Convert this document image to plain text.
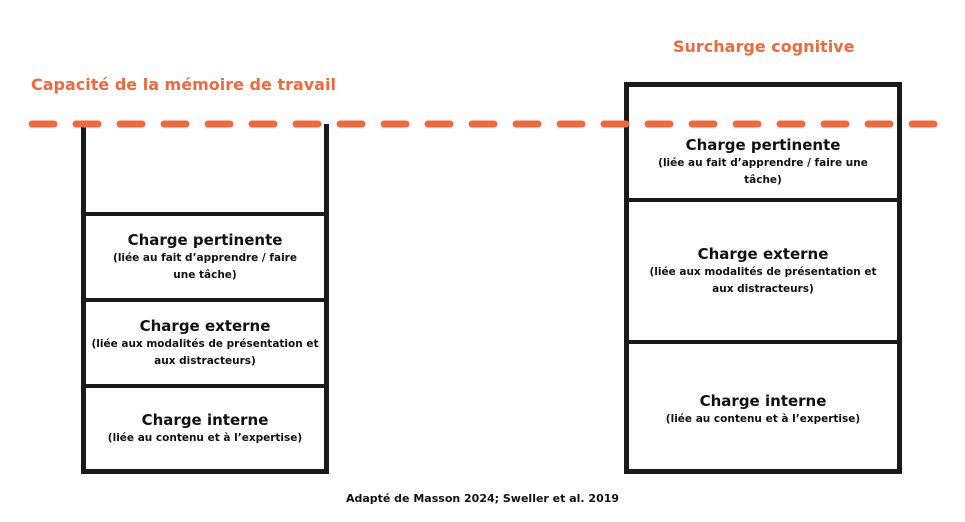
Capacité de la mémoire de travail
Surcharge cognitive
Charge pertinente
(liée au fait d’apprendre / faire une tâche)
Charge externe
(liée aux modalités de présentation et aux distracteurs)
Charge interne
(liée au contenu et à l’expertise)
Charge pertinente
(liée au fait d’apprendre / faire une tâche)
Charge externe
(liée aux modalités de présentation et aux distracteurs)
Charge interne
(liée au contenu et à l’expertise)
Adapté de Masson 2024; Sweller et al. 2019
